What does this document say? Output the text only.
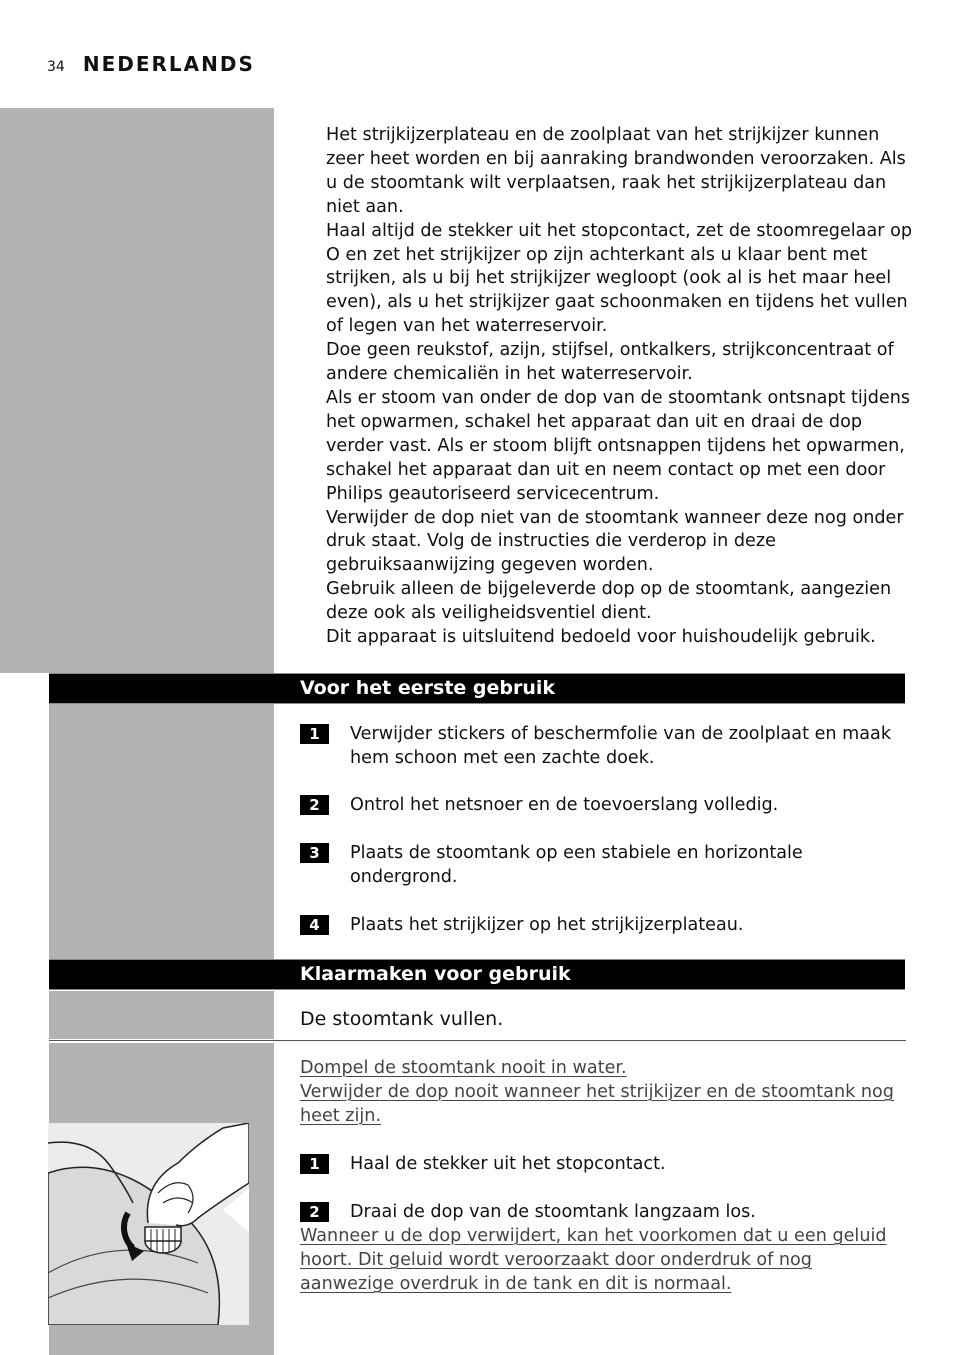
34 NEDERLANDS

Het strijkijzerplateau en de zoolplaat van het strijkijzer kunnen zeer heet worden en bij aanraking brandwonden veroorzaken. Als u de stoomtank wilt verplaatsen, raak het strijkijzerplateau dan niet aan.

Haal altijd de stekker uit het stopcontact, zet de stoomregelaar op O en zet het strijkijzer op zijn achterkant als u klaar bent met strijken, als u bij het strijkijzer wegloopt (ook al is het maar heel even), als u het strijkijzer gaat schoonmaken en tijdens het vullen of legen van het waterreservoir.

Doe geen reukstof, azijn, stijfsel, ontkalkers, strijkconcentraat of andere chemicaliën in het waterreservoir.

Als er stoom van onder de dop van de stoomtank ontsnapt tijdens het opwarmen, schakel het apparaat dan uit en draai de dop verder vast. Als er stoom blijft ontsnappen tijdens het opwarmen, schakel het apparaat dan uit en neem contact op met een door Philips geautoriseerd servicecentrum.

Verwijder de dop niet van de stoomtank wanneer deze nog onder druk staat. Volg de instructies die verderop in deze gebruiksaanwijzing gegeven worden.

Gebruik alleen de bijgeleverde dop op de stoomtank, aangezien deze ook als veiligheidsventiel dient.

Dit apparaat is uitsluitend bedoeld voor huishoudelijk gebruik.

Voor het eerste gebruik
1	Verwijder stickers of beschermfolie van de zoolplaat en maak hem schoon met een zachte doek.
2	Ontrol het netsnoer en de toevoerslang volledig.
3	Plaats de stoomtank op een stabiele en horizontale ondergrond.
4	Plaats het strijkijzer op het strijkijzerplateau.
Klaarmaken voor gebruik
De stoomtank vullen.
Dompel de stoomtank nooit in water.
Verwijder de dop nooit wanneer het strijkijzer en de stoomtank nog heet zijn.
1	Haal de stekker uit het stopcontact.
2	Draai de dop van de stoomtank langzaam los.
Wanneer u de dop verwijdert, kan het voorkomen dat u een geluid hoort. Dit geluid wordt veroorzaakt door onderdruk of nog aanwezige overdruk in de tank en dit is normaal.
